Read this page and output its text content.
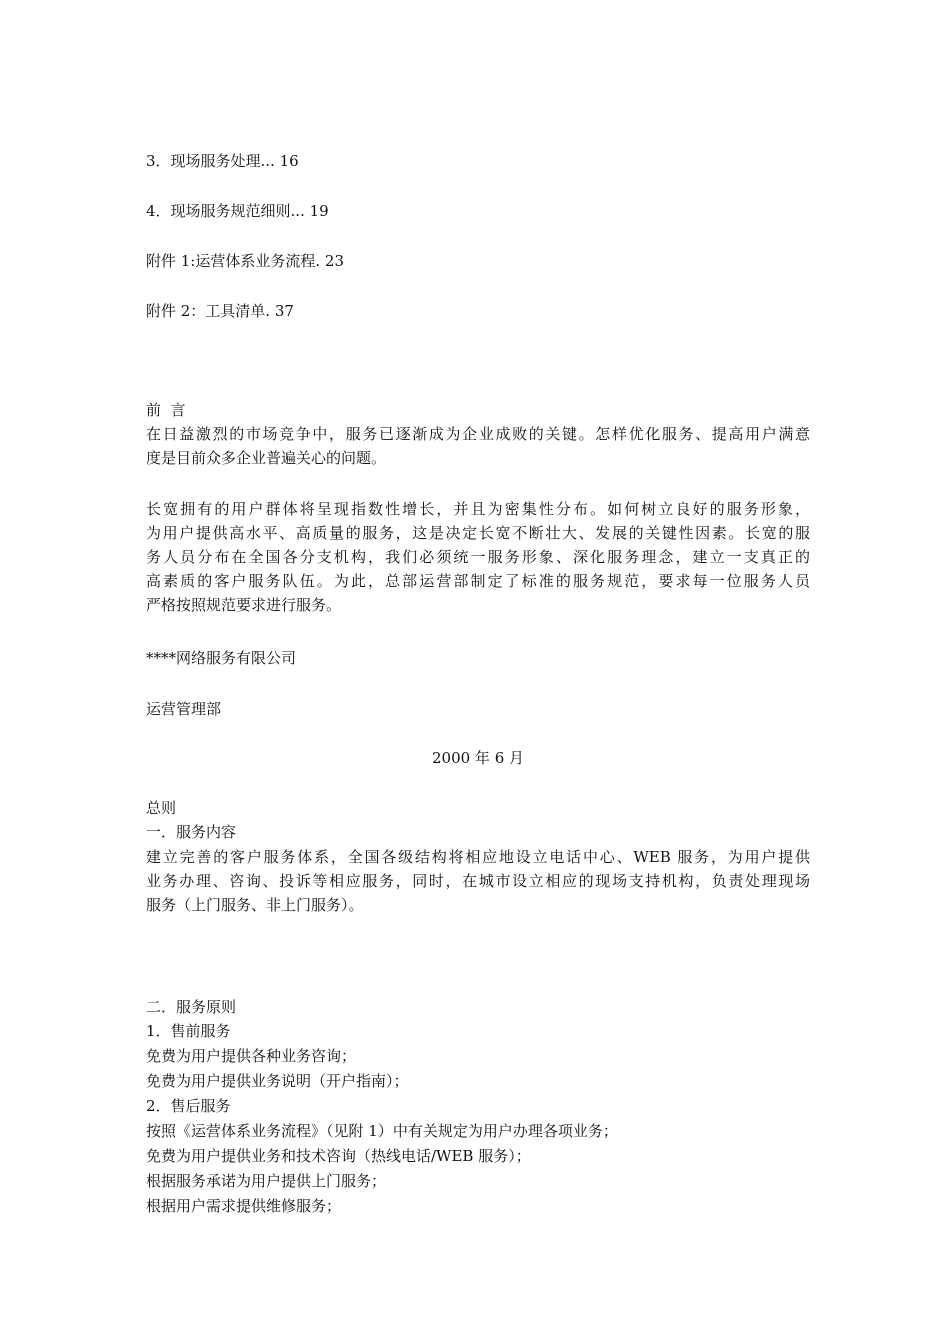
3．现场服务处理... 16
4．现场服务规范细则... 19
附件 1:运营体系业务流程. 23
附件 2：工具清单. 37
前  言
在日益激烈的市场竞争中，服务已逐渐成为企业成败的关键。怎样优化服务、提高用户满意
度是目前众多企业普遍关心的问题。
长宽拥有的用户群体将呈现指数性增长，并且为密集性分布。如何树立良好的服务形象，
为用户提供高水平、高质量的服务，这是决定长宽不断壮大、发展的关键性因素。长宽的服
务人员分布在全国各分支机构，我们必须统一服务形象、深化服务理念，建立一支真正的
高素质的客户服务队伍。为此，总部运营部制定了标准的服务规范，要求每一位服务人员
严格按照规范要求进行服务。
****网络服务有限公司
运营管理部
2000 年 6 月
总则
一．服务内容
建立完善的客户服务体系，全国各级结构将相应地设立电话中心、WEB 服务，为用户提供
业务办理、咨询、投诉等相应服务，同时，在城市设立相应的现场支持机构，负责处理现场
服务（上门服务、非上门服务）。
二．服务原则
1．售前服务
免费为用户提供各种业务咨询；
免费为用户提供业务说明（开户指南）；
2．售后服务
按照《运营体系业务流程》（见附 1）中有关规定为用户办理各项业务；
免费为用户提供业务和技术咨询（热线电话/WEB 服务）；
根据服务承诺为用户提供上门服务；
根据用户需求提供维修服务；
